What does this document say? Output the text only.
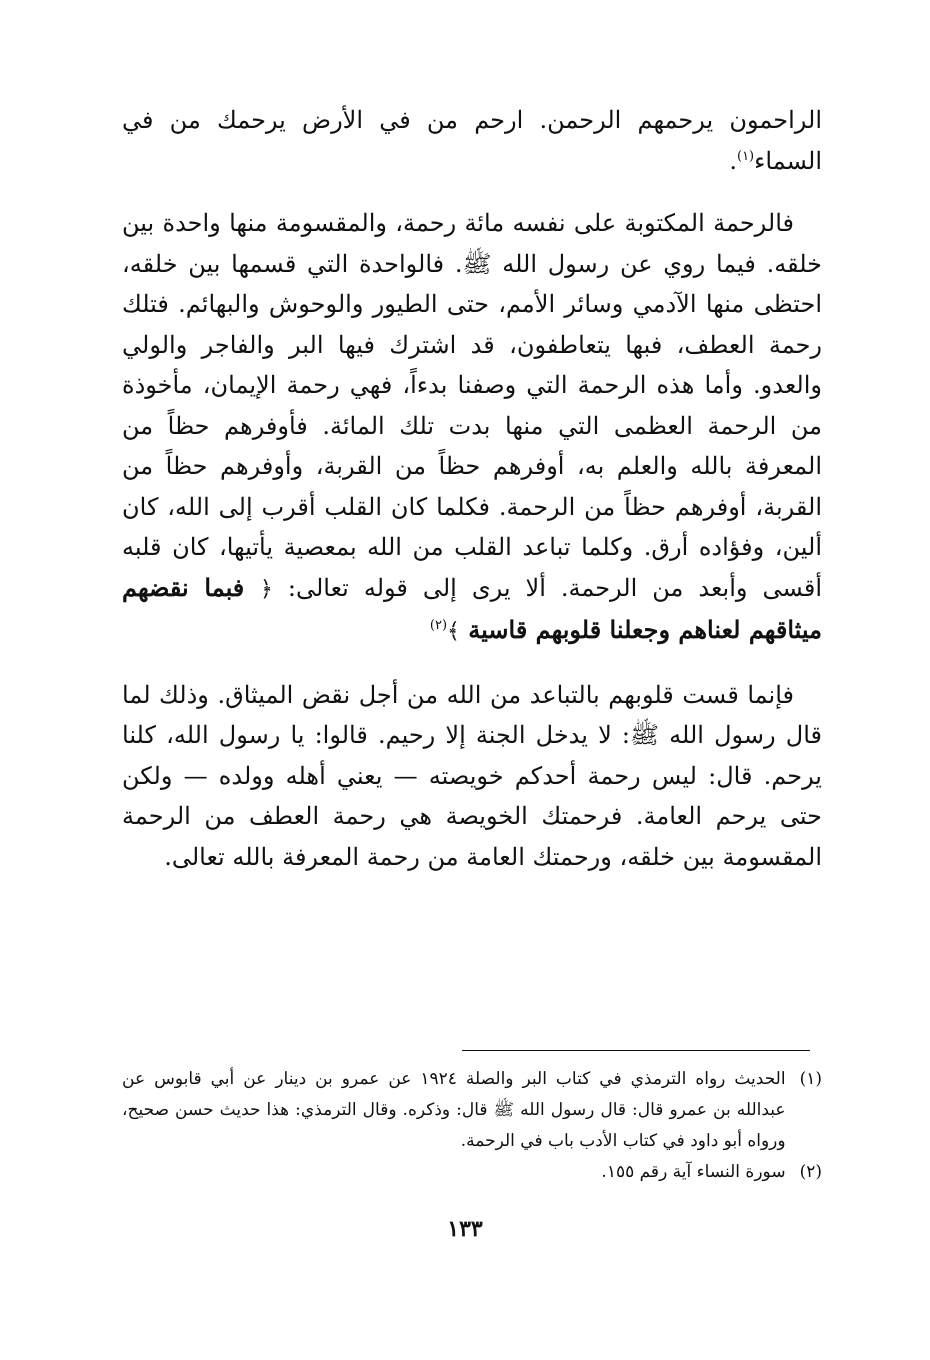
الراحمون يرحمهم الرحمن. ارحم من في الأرض يرحمك من في السماء$^{(١)}$.

فالرحمة المكتوبة على نفسه مائة رحمة، والمقسومة منها واحدة بين خلقه. فيما روي عن رسول الله ﷺ. فالواحدة التي قسمها بين خلقه، احتظى منها الآدمي وسائر الأمم، حتى الطيور والوحوش والبهائم. فتلك رحمة العطف، فبها يتعاطفون، قد اشترك فيها البر والفاجر والولي والعدو. وأما هذه الرحمة التي وصفنا بدءاً، فهي رحمة الإيمان، مأخوذة من الرحمة العظمى التي منها بدت تلك المائة. فأوفرهم حظاً من المعرفة بالله والعلم به، أوفرهم حظاً من القربة، وأوفرهم حظاً من القربة، أوفرهم حظاً من الرحمة. فكلما كان القلب أقرب إلى الله، كان ألين، وفؤاده أرق. وكلما تباعد القلب من الله بمعصية يأتيها، كان قلبه أقسى وأبعد من الرحمة. ألا يرى إلى قوله تعالى: ﴿ فبما نقضهم ميثاقهم لعناهم وجعلنا قلوبهم قاسية ﴾$^{(٢)}$

فإنما قست قلوبهم بالتباعد من الله من أجل نقض الميثاق. وذلك لما قال رسول الله ﷺ: لا يدخل الجنة إلا رحيم. قالوا: يا رسول الله، كلنا يرحم. قال: ليس رحمة أحدكم خويصته — يعني أهله وولده — ولكن حتى يرحم العامة. فرحمتك الخويصة هي رحمة العطف من الرحمة المقسومة بين خلقه، ورحمتك العامة من رحمة المعرفة بالله تعالى.

(١)
الحديث رواه الترمذي في كتاب البر والصلة ١٩٢٤ عن عمرو بن دينار عن أبي قابوس عن عبدالله بن عمرو قال: قال رسول الله ﷺ قال: وذكره. وقال الترمذي: هذا حديث حسن صحيح، ورواه أبو داود في كتاب الأدب باب في الرحمة.
(٢)
سورة النساء آية رقم ١٥٥.
١٣٣
